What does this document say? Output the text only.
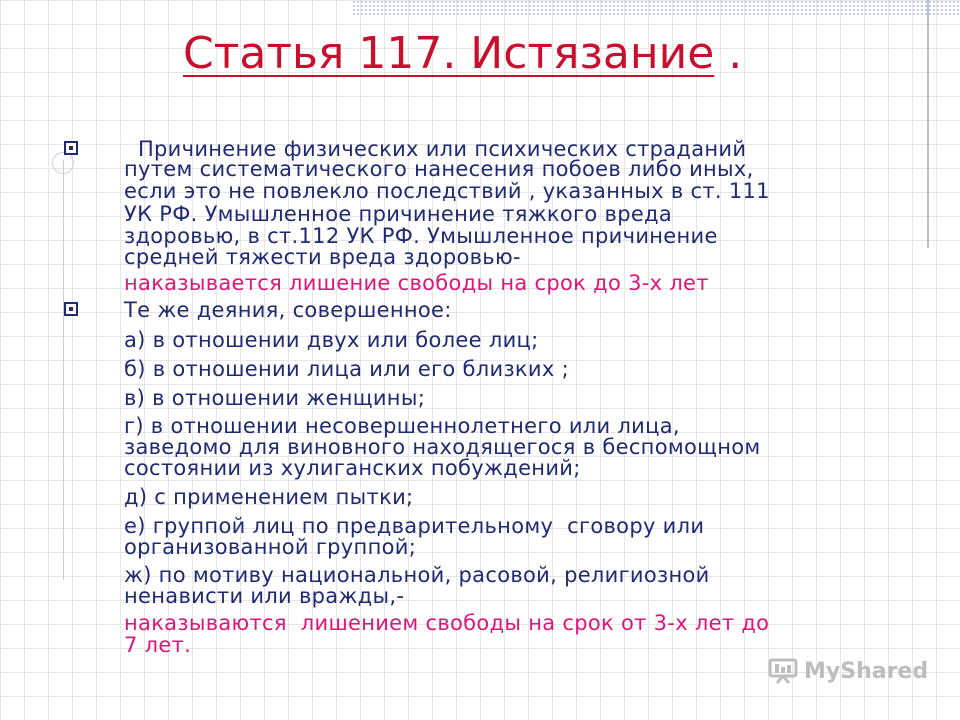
Статья 117. Истязание .

Причинение физических или психических страданий

путем систематического нанесения побоев либо иных,

если это не повлекло последствий , указанных в ст. 111

УК РФ. Умышленное причинение тяжкого вреда

здоровью, в ст.112 УК РФ. Умышленное причинение

средней тяжести вреда здоровью-

наказывается лишение свободы на срок до 3-х лет

Те же деяния, совершенное:

а) в отношении двух или более лиц;

б) в отношении лица или его близких ;

в) в отношении женщины;

г) в отношении несовершеннолетнего или лица,

заведомо для виновного находящегося в беспомощном

состоянии из хулиганских побуждений;

д) с применением пытки;

е) группой лиц по предварительному  сговору или

организованной группой;

ж) по мотиву национальной, расовой, религиозной

ненависти или вражды,-

наказываются  лишением свободы на срок от 3-х лет до

7 лет.

MyShared
